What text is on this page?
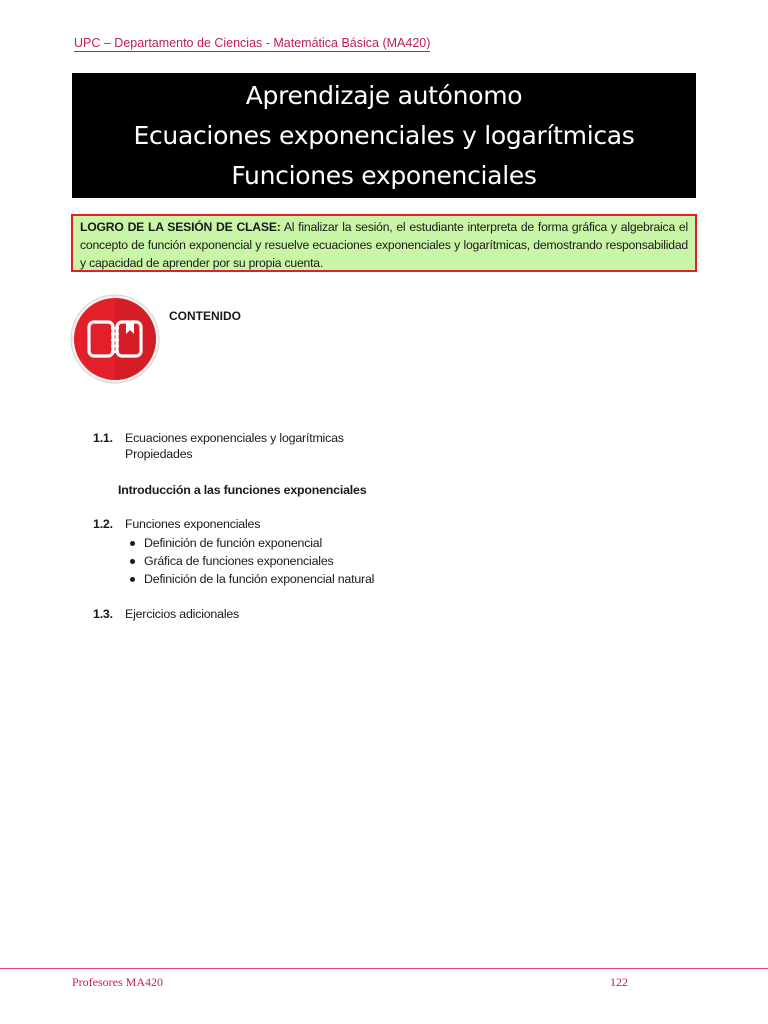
UPC – Departamento de Ciencias - Matemática Básica (MA420)
Aprendizaje autónomo
Ecuaciones exponenciales y logarítmicas
Funciones exponenciales
LOGRO DE LA SESIÓN DE CLASE: Al finalizar la sesión, el estudiante interpreta de forma gráfica y algebraica el concepto de función exponencial y resuelve ecuaciones exponenciales y logarítmicas, demostrando responsabilidad y capacidad de aprender por su propia cuenta.
CONTENIDO
1.1. Ecuaciones exponenciales y logarítmicas
Propiedades
Introducción a las funciones exponenciales
1.2. Funciones exponenciales
Definición de función exponencial
Gráfica de funciones exponenciales
Definición de la función exponencial natural
1.3. Ejercicios adicionales
Profesores MA420	122
